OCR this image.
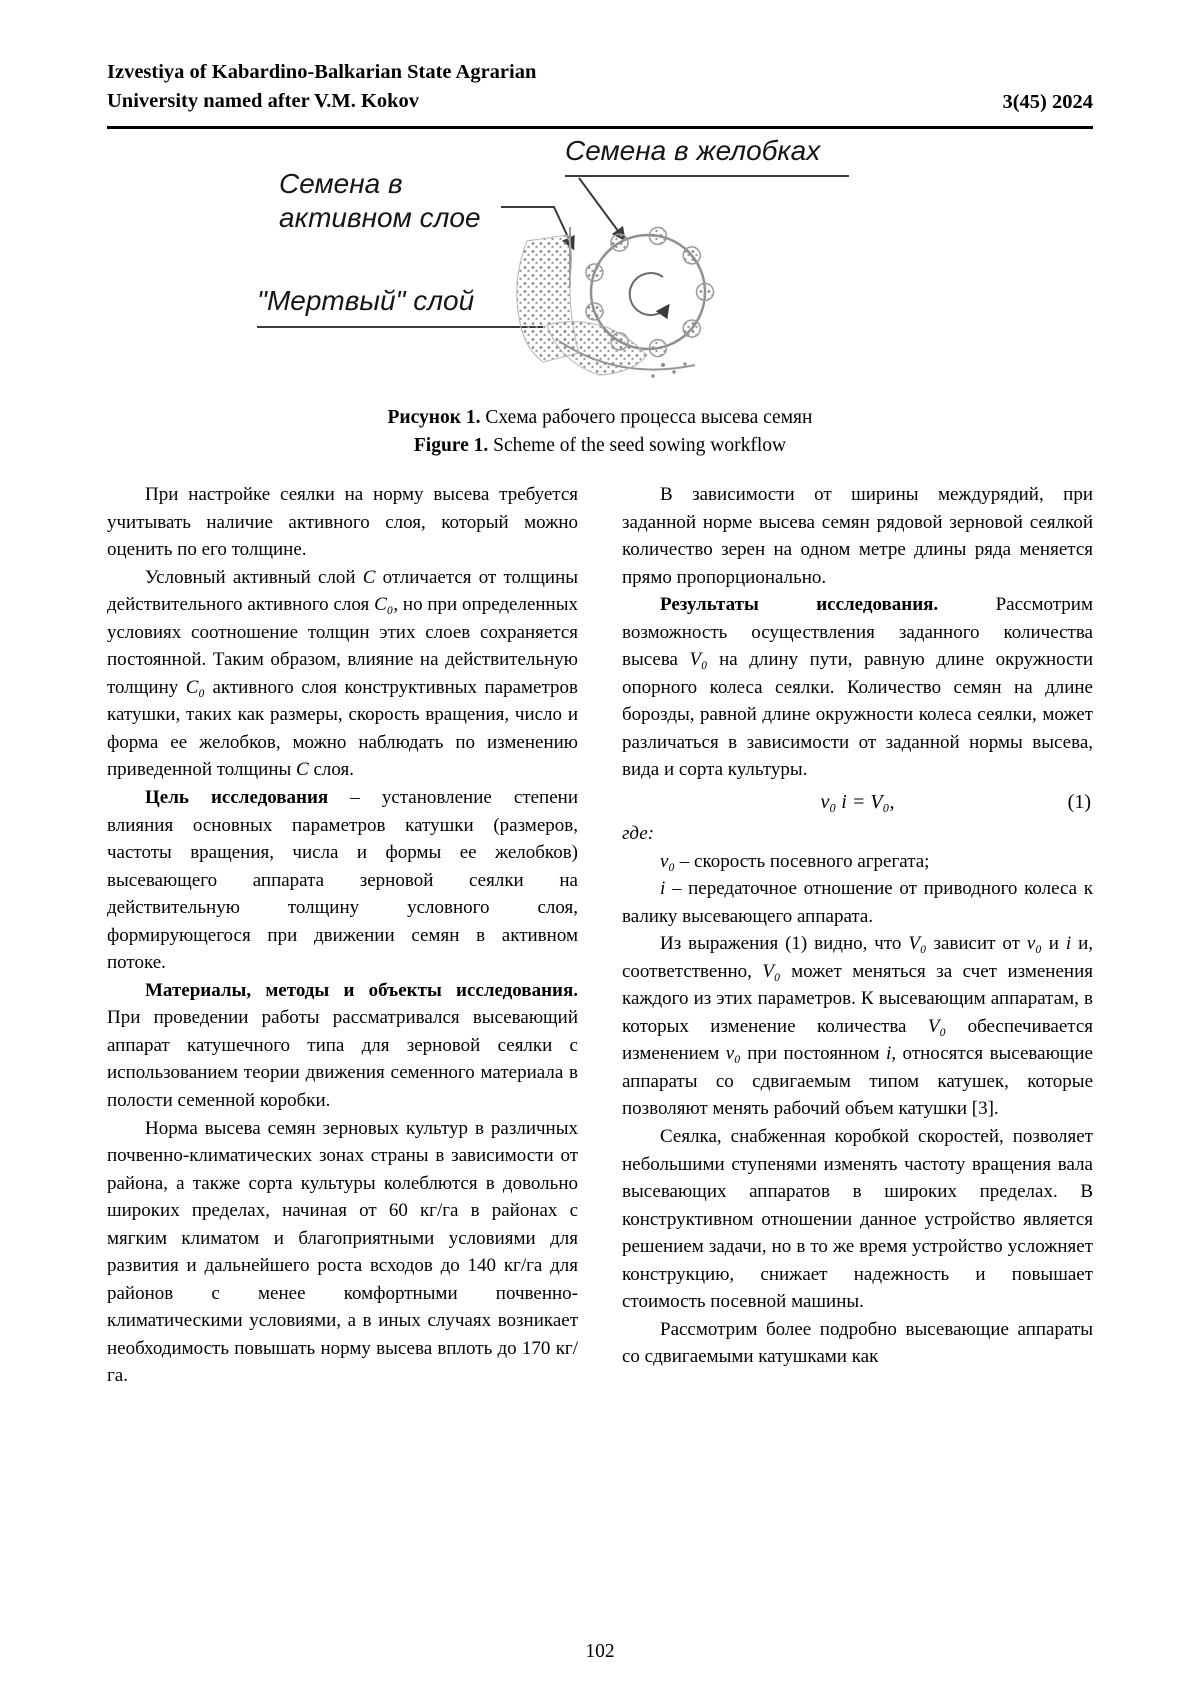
Izvestiya of Kabardino-Balkarian State Agrarian
University named after V.M. Kokov	3(45) 2024
Семена в желобках
Семена в
активном слое
"Мертвый" слой
Рисунок 1. Схема рабочего процесса высева семян
Figure 1. Scheme of the seed sowing workflow

При настройке сеялки на норму высева требуется учитывать наличие активного слоя, который можно оценить по его толщине.

Условный активный слой C отличается от толщины действительного активного слоя C₀, но при определенных условиях соотношение толщин этих слоев сохраняется постоянной. Таким образом, влияние на действительную толщину C₀ активного слоя конструктивных параметров катушки, таких как размеры, скорость вращения, число и форма ее желобков, можно наблюдать по изменению приведенной толщины C слоя.

Цель исследования – установление степени влияния основных параметров катушки (размеров, частоты вращения, числа и формы ее желобков) высевающего аппарата зерновой сеялки на действительную толщину условного слоя, формирующегося при движении семян в активном потоке.

Материалы, методы и объекты исследования. При проведении работы рассматривался высевающий аппарат катушечного типа для зерновой сеялки с использованием теории движения семенного материала в полости семенной коробки.

Норма высева семян зерновых культур в различных почвенно-климатических зонах страны в зависимости от района, а также сорта культуры колеблются в довольно широких пределах, начиная от 60 кг/га в районах с мягким климатом и благоприятными условиями для развития и дальнейшего роста всходов до 140 кг/га для районов с менее комфортными почвенно-климатическими условиями, а в иных случаях возникает необходимость повышать норму высева вплоть до 170 кг/га.

В зависимости от ширины междурядий, при заданной норме высева семян рядовой зерновой сеялкой количество зерен на одном метре длины ряда меняется прямо пропорционально.

Результаты исследования. Рассмотрим возможность осуществления заданного количества высева V₀ на длину пути, равную длине окружности опорного колеса сеялки. Количество семян на длине борозды, равной длине окружности колеса сеялки, может различаться в зависимости от заданной нормы высева, вида и сорта культуры.

v₀ i = V₀,	(1)

где:

v₀ – скорость посевного агрегата;

i – передаточное отношение от приводного колеса к валику высевающего аппарата.

Из выражения (1) видно, что V₀ зависит от v₀ и i и, соответственно, V₀ может меняться за счет изменения каждого из этих параметров. К высевающим аппаратам, в которых изменение количества V₀ обеспечивается изменением v₀ при постоянном i, относятся высевающие аппараты со сдвигаемым типом катушек, которые позволяют менять рабочий объем катушки [3].

Сеялка, снабженная коробкой скоростей, позволяет небольшими ступенями изменять частоту вращения вала высевающих аппаратов в широких пределах. В конструктивном отношении данное устройство является решением задачи, но в то же время устройство усложняет конструкцию, снижает надежность и повышает стоимость посевной машины.

Рассмотрим более подробно высевающие аппараты со сдвигаемыми катушками как

102
